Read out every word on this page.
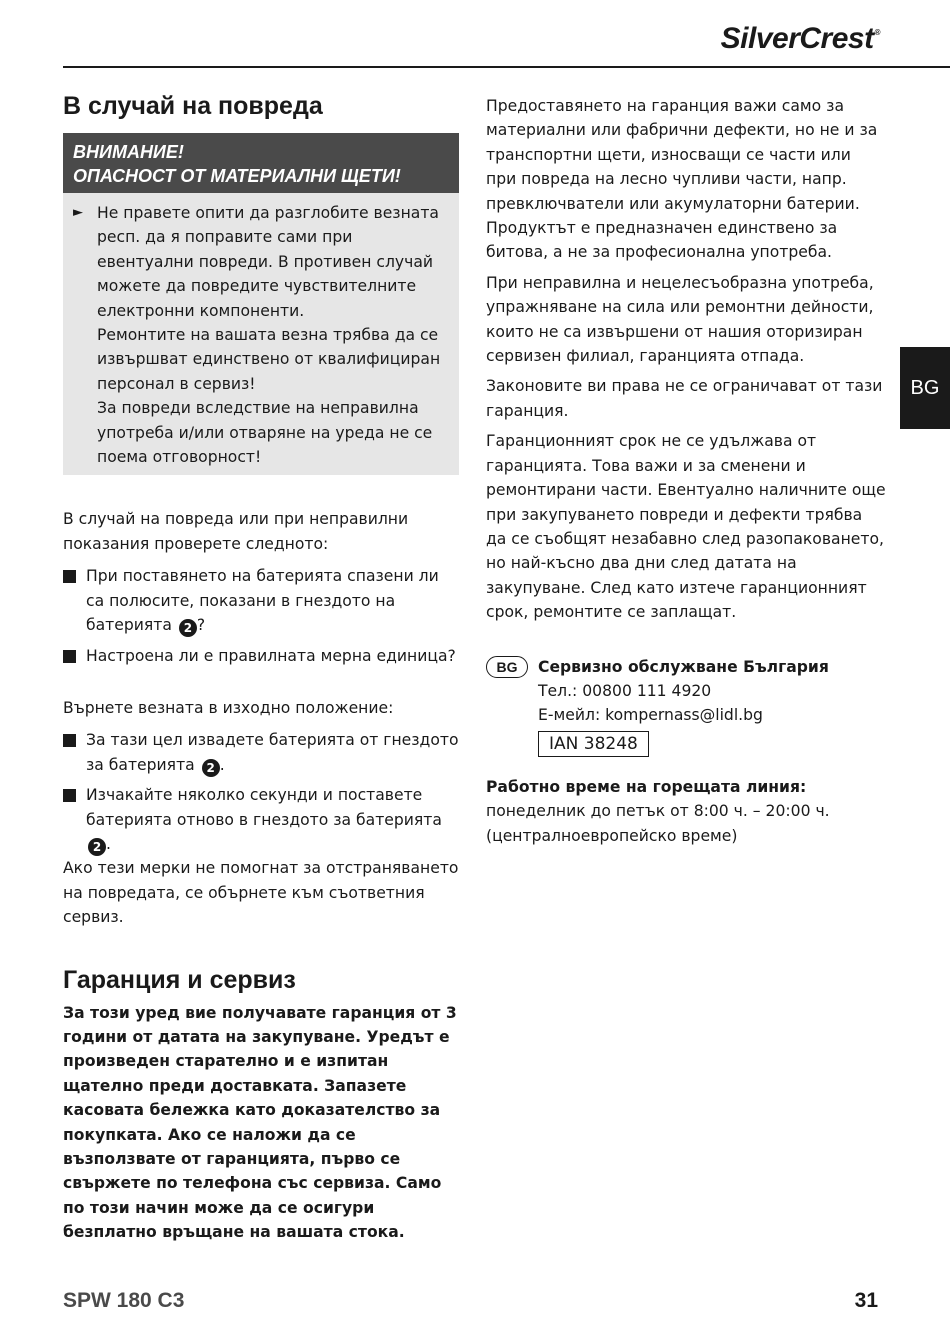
SilverCrest®
BG
В случай на повреда
ВНИМАНИЕ!
ОПАСНОСТ ОТ МАТЕРИАЛНИ ЩЕТИ!
► Не правете опити да разглобите везната респ. да я поправите сами при евентуални повреди. В противен случай можете да повредите чувствителните електронни компоненти.

Ремонтите на вашата везна трябва да се извършват единствено от квалифициран персонал в сервиз!

За повреди вследствие на неправилна употреба и/или отваряне на уреда не се поема отговорност!

В случай на повреда или при неправилни показания проверете следното:

При поставянето на батерията спазени ли са полюсите, показани в гнездото на батерията 2 ?
Настроена ли е правилната мерна единица?

Върнете везната в изходно положение:

За тази цел извадете батерията от гнездото за батерията 2 .
Изчакайте няколко секунди и поставете батерията отново в гнездото за батерията 2 .

Ако тези мерки не помогнат за отстраняването на повредата, се обърнете към съответния сервиз.

Гаранция и сервиз

За този уред вие получавате гаранция от 3 години от датата на закупуване. Уредът е произведен старателно и е изпитан щателно преди доставката. Запазете касовата бележка като доказателство за покупката. Ако се наложи да се възползвате от гаранцията, първо се свържете по телефона със сервиза. Само по този начин може да се осигури безплатно връщане на вашата стока.

Предоставянето на гаранция важи само за материални или фабрични дефекти, но не и за транспортни щети, износващи се части или при повреда на лесно чупливи части, напр. превключватели или акумулаторни батерии. Продуктът е предназначен единствено за битова, а не за професионална употреба.

При неправилна и нецелесъобразна употреба, упражняване на сила или ремонтни дейности, които не са извършени от нашия оторизиран сервизен филиал, гаранцията отпада.

Законовите ви права не се ограничават от тази гаранция.

Гаранционният срок не се удължава от гаранцията. Това важи и за сменени и ремонтирани части. Евентуално наличните още при закупуването повреди и дефекти трябва да се съобщят незабавно след разопаковането, но най-късно два дни след датата на закупуване. След като изтече гаранционният срок, ремонтите се заплащат.

BG	Сервизно обслужване България

Тел.: 00800 111 4920

E-мейл: kompernass@lidl.bg

IAN 38248

Работно време на горещата линия:

понеделник до петък от 8:00 ч. – 20:00 ч. (централноевропейско време)

SPW 180 C3	31
